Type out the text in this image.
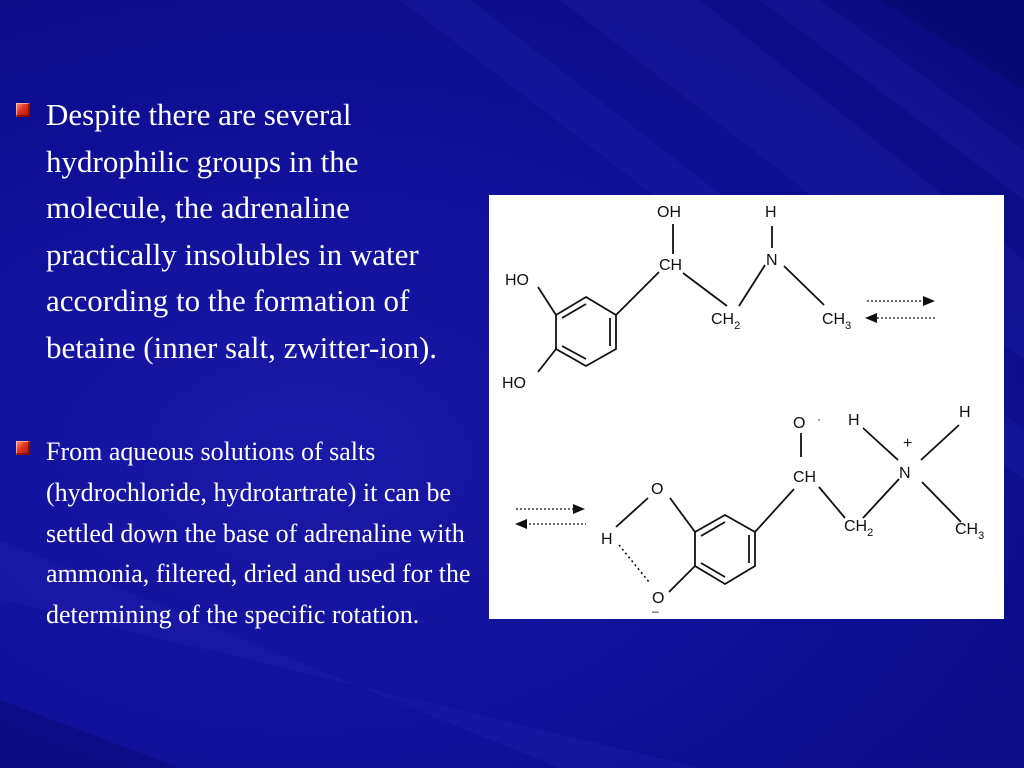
Despite there are several hydrophilic groups in the molecule, the adrenaline practically insolubles in water according to the formation of betaine (inner salt, zwitter-ion).
From aqueous solutions of salts (hydrochloride, hydrotartrate) it can be settled down the base of adrenaline with ammonia, filtered, dried and used for the determining of the specific rotation.
OH	H
CH	N
HO
HO
$CH_2$	$CH_3$
O · H	H
+
CH	N
O
H
O
–
$CH_2$	$CH_3$
